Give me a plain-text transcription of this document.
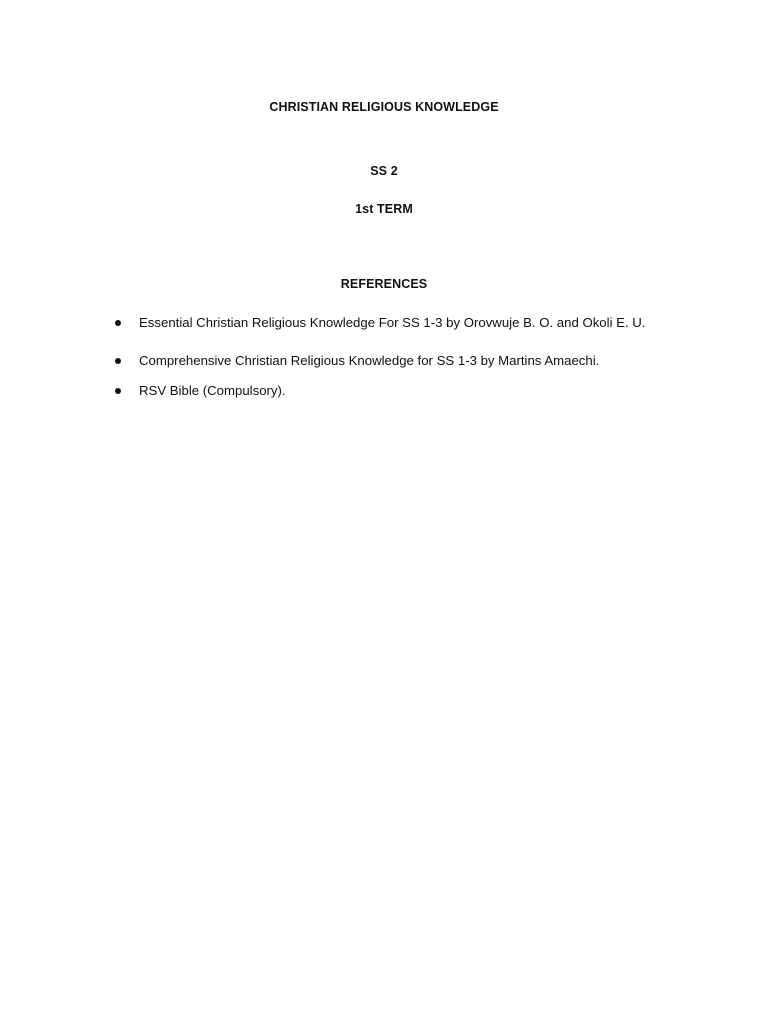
CHRISTIAN RELIGIOUS KNOWLEDGE
SS 2
1st TERM
REFERENCES
Essential Christian Religious Knowledge For SS 1-3 by Orovwuje B. O. and Okoli E. U.
Comprehensive Christian Religious Knowledge for SS 1-3 by Martins Amaechi.
RSV Bible (Compulsory).
